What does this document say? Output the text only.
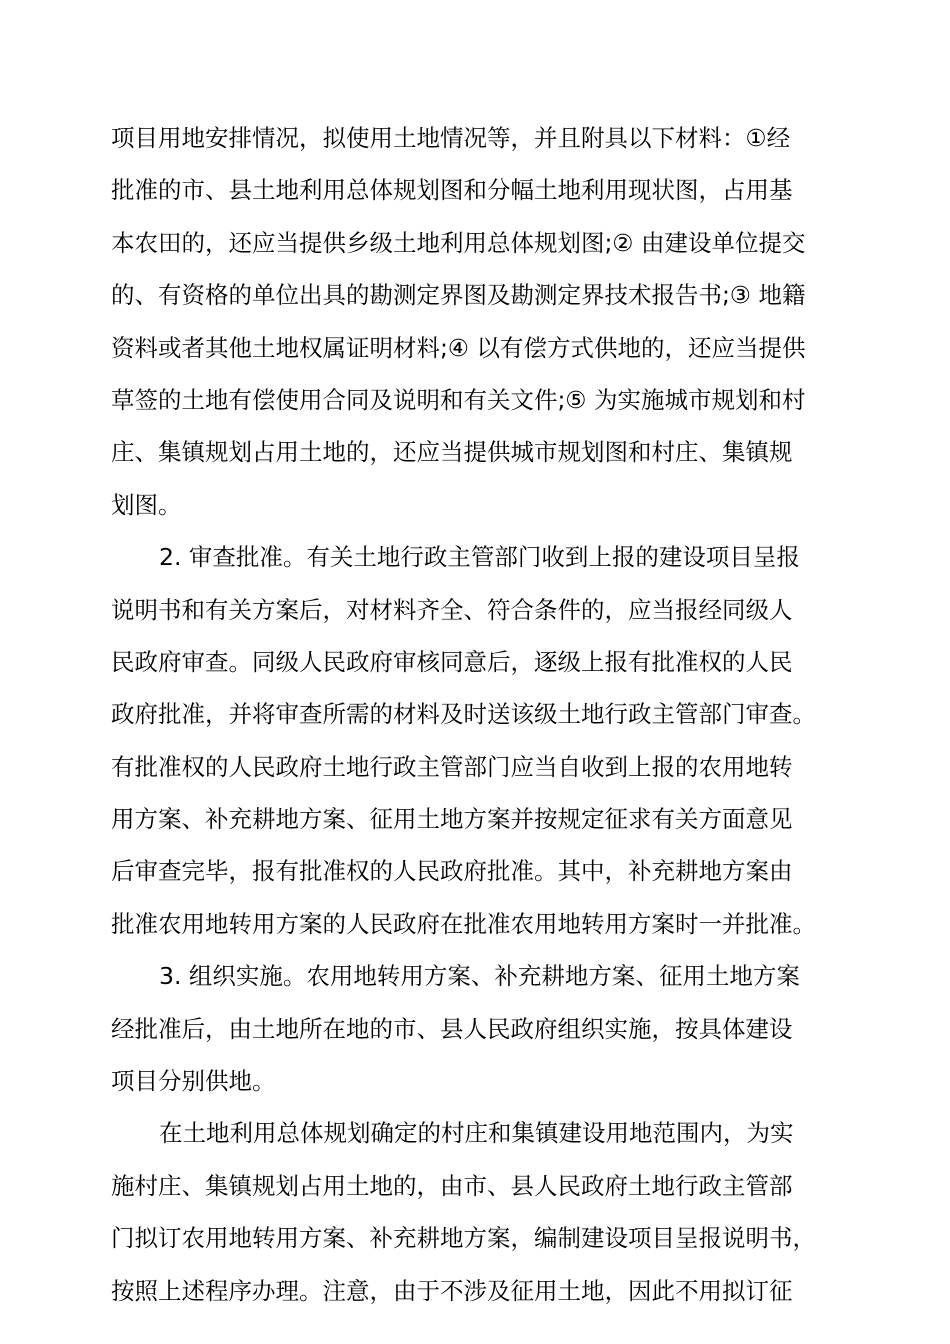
项目用地安排情况，拟使用土地情况等，并且附具以下材料：①经
批准的市、县土地利用总体规划图和分幅土地利用现状图，占用基
本农田的，还应当提供乡级土地利用总体规划图;② 由建设单位提交
的、有资格的单位出具的勘测定界图及勘测定界技术报告书;③ 地籍
资料或者其他土地权属证明材料;④ 以有偿方式供地的，还应当提供
草签的土地有偿使用合同及说明和有关文件;⑤ 为实施城市规划和村
庄、集镇规划占用土地的，还应当提供城市规划图和村庄、集镇规
划图。
2. 审查批准。有关土地行政主管部门收到上报的建设项目呈报
说明书和有关方案后，对材料齐全、符合条件的，应当报经同级人
民政府审查。同级人民政府审核同意后，逐级上报有批准权的人民
政府批准，并将审查所需的材料及时送该级土地行政主管部门审查。
有批准权的人民政府土地行政主管部门应当自收到上报的农用地转
用方案、补充耕地方案、征用土地方案并按规定征求有关方面意见
后审查完毕，报有批准权的人民政府批准。其中，补充耕地方案由
批准农用地转用方案的人民政府在批准农用地转用方案时一并批准。
3. 组织实施。农用地转用方案、补充耕地方案、征用土地方案
经批准后，由土地所在地的市、县人民政府组织实施，按具体建设
项目分别供地。
在土地利用总体规划确定的村庄和集镇建设用地范围内，为实
施村庄、集镇规划占用土地的，由市、县人民政府土地行政主管部
门拟订农用地转用方案、补充耕地方案，编制建设项目呈报说明书，
按照上述程序办理。注意，由于不涉及征用土地，因此不用拟订征
